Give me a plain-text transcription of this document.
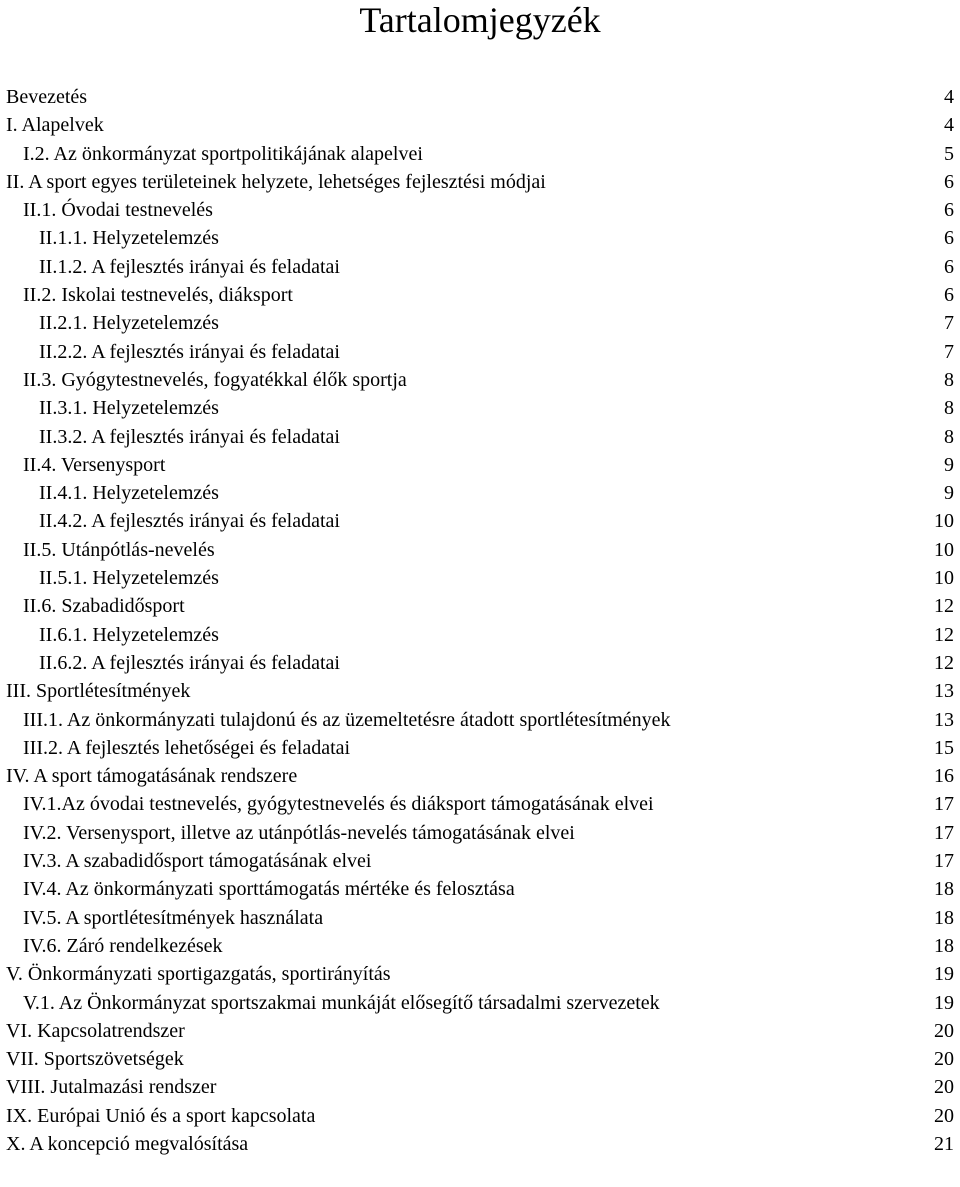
Tartalomjegyzék
Bevezetés	4
I. Alapelvek	4
I.2. Az önkormányzat sportpolitikájának alapelvei	5
II. A sport egyes területeinek helyzete, lehetséges fejlesztési módjai	6
II.1. Óvodai testnevelés	6
II.1.1. Helyzetelemzés	6
II.1.2. A fejlesztés irányai és feladatai	6
II.2. Iskolai testnevelés, diáksport	6
II.2.1. Helyzetelemzés	7
II.2.2. A fejlesztés irányai és feladatai	7
II.3. Gyógytestnevelés, fogyatékkal élők sportja	8
II.3.1. Helyzetelemzés	8
II.3.2. A fejlesztés irányai és feladatai	8
II.4. Versenysport	9
II.4.1. Helyzetelemzés	9
II.4.2. A fejlesztés irányai és feladatai	10
II.5. Utánpótlás-nevelés	10
II.5.1. Helyzetelemzés	10
II.6. Szabadidősport	12
II.6.1. Helyzetelemzés	12
II.6.2. A fejlesztés irányai és feladatai	12
III. Sportlétesítmények	13
III.1. Az önkormányzati tulajdonú és az üzemeltetésre átadott sportlétesítmények	13
III.2. A fejlesztés lehetőségei és feladatai	15
IV. A sport támogatásának rendszere	16
IV.1.Az óvodai testnevelés, gyógytestnevelés és diáksport támogatásának elvei	17
IV.2. Versenysport, illetve az utánpótlás-nevelés támogatásának elvei	17
IV.3. A szabadidősport támogatásának elvei	17
IV.4. Az önkormányzati sporttámogatás mértéke és felosztása	18
IV.5. A sportlétesítmények használata	18
IV.6. Záró rendelkezések	18
V. Önkormányzati sportigazgatás, sportirányítás	19
V.1. Az Önkormányzat sportszakmai munkáját elősegítő társadalmi szervezetek	19
VI. Kapcsolatrendszer	20
VII. Sportszövetségek	20
VIII. Jutalmazási rendszer	20
IX. Európai Unió és a sport kapcsolata	20
X. A koncepció megvalósítása	21
